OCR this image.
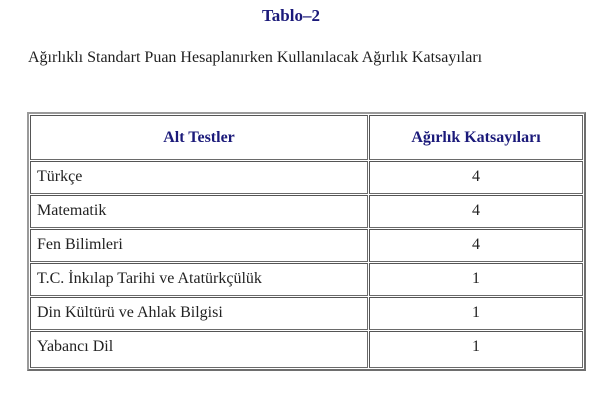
Tablo–2

Ağırlıklı Standart Puan Hesaplanırken Kullanılacak Ağırlık Katsayıları

Alt Testler	Ağırlık Katsayıları
Türkçe	4
Matematik	4
Fen Bilimleri	4
T.C. İnkılap Tarihi ve Atatürkçülük	1
Din Kültürü ve Ahlak Bilgisi	1
Yabancı Dil	1
